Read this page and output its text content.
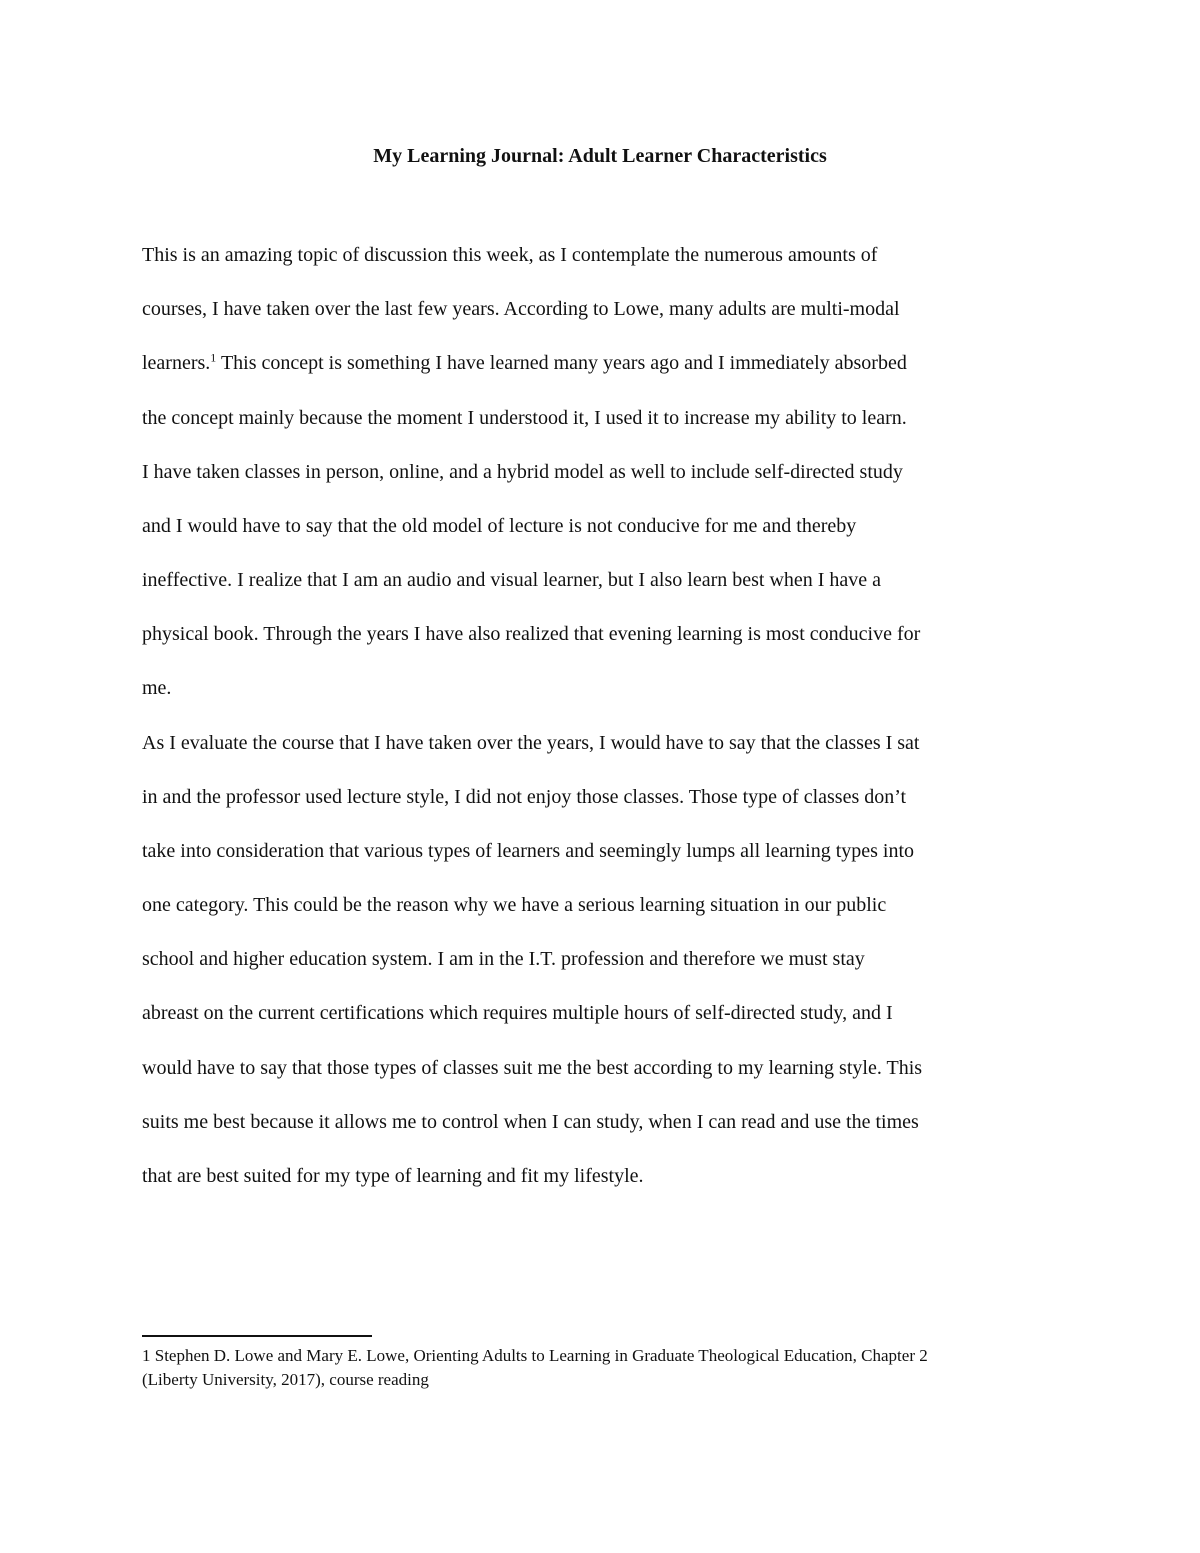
My Learning Journal: Adult Learner Characteristics

This is an amazing topic of discussion this week, as I contemplate the numerous amounts of

courses, I have taken over the last few years. According to Lowe, many adults are multi-modal

learners.$^1$ This concept is something I have learned many years ago and I immediately absorbed

the concept mainly because the moment I understood it, I used it to increase my ability to learn.

I have taken classes in person, online, and a hybrid model as well to include self-directed study

and I would have to say that the old model of lecture is not conducive for me and thereby

ineffective. I realize that I am an audio and visual learner, but I also learn best when I have a

physical book. Through the years I have also realized that evening learning is most conducive for

me.

As I evaluate the course that I have taken over the years, I would have to say that the classes I sat

in and the professor used lecture style, I did not enjoy those classes. Those type of classes don’t

take into consideration that various types of learners and seemingly lumps all learning types into

one category. This could be the reason why we have a serious learning situation in our public

school and higher education system. I am in the I.T. profession and therefore we must stay

abreast on the current certifications which requires multiple hours of self-directed study, and I

would have to say that those types of classes suit me the best according to my learning style. This

suits me best because it allows me to control when I can study, when I can read and use the times

that are best suited for my type of learning and fit my lifestyle.

1 Stephen D. Lowe and Mary E. Lowe, Orienting Adults to Learning in Graduate Theological Education, Chapter 2

(Liberty University, 2017), course reading
